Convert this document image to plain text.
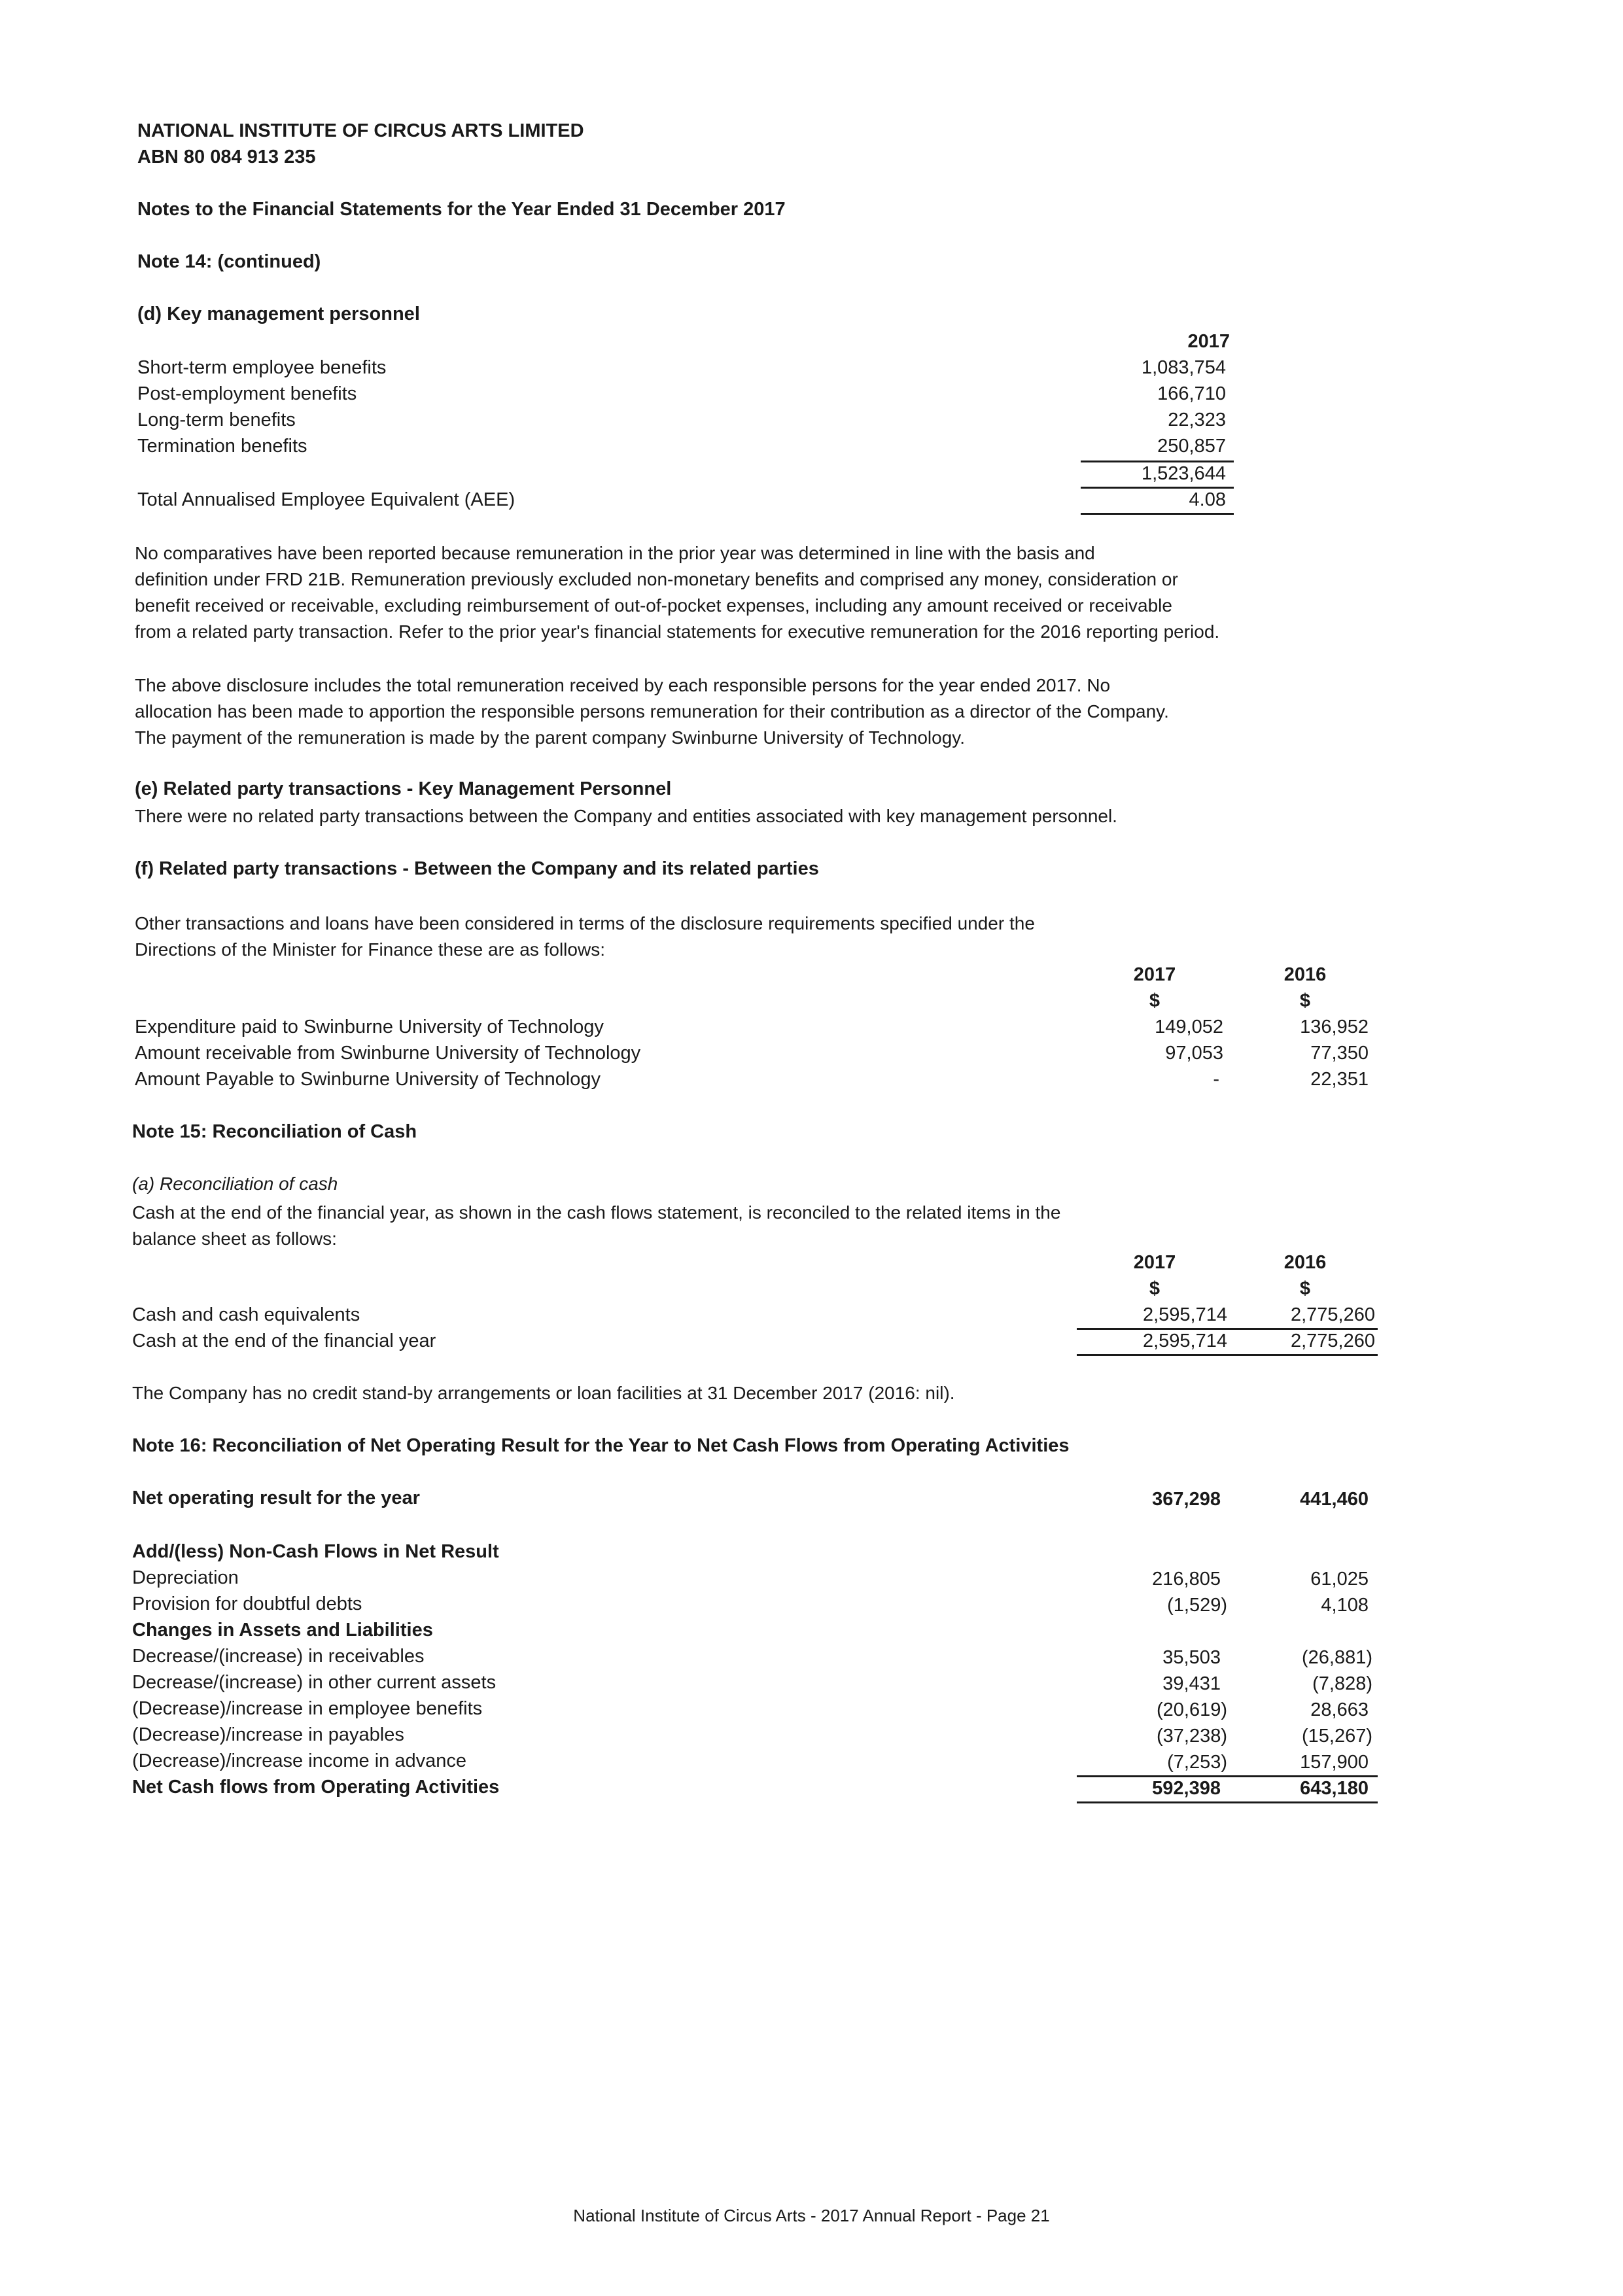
NATIONAL INSTITUTE OF CIRCUS ARTS LIMITED
ABN 80 084 913 235
Notes to the Financial Statements for the Year Ended 31 December 2017
Note 14: (continued)
(d) Key management personnel
2017
Short-term employee benefits	1,083,754
Post-employment benefits	166,710
Long-term benefits	22,323
Termination benefits	250,857
1,523,644
Total Annualised Employee Equivalent (AEE)	4.08
No comparatives have been reported because remuneration in the prior year was determined in line with the basis and
definition under FRD 21B. Remuneration previously excluded non-monetary benefits and comprised any money, consideration or
benefit received or receivable, excluding reimbursement of out-of-pocket expenses, including any amount received or receivable
from a related party transaction. Refer to the prior year's financial statements for executive remuneration for the 2016 reporting period.
The above disclosure includes the total remuneration received by each responsible persons for the year ended 2017. No
allocation has been made to apportion the responsible persons remuneration for their contribution as a director of the Company.
The payment of the remuneration is made by the parent company Swinburne University of Technology.
(e) Related party transactions - Key Management Personnel
There were no related party transactions between the Company and entities associated with key management personnel.
(f) Related party transactions - Between the Company and its related parties
Other transactions and loans have been considered in terms of the disclosure requirements specified under the
Directions of the Minister for Finance these are as follows:
2017	2016
$	$
Expenditure paid to Swinburne University of Technology	149,052	136,952
Amount receivable from Swinburne University of Technology	97,053	77,350
Amount Payable to Swinburne University of Technology	-	22,351
Note 15: Reconciliation of Cash
(a) Reconciliation of cash
Cash at the end of the financial year, as shown in the cash flows statement, is reconciled to the related items in the
balance sheet as follows:
2017	2016
$	$
Cash and cash equivalents	2,595,714	2,775,260
Cash at the end of the financial year	2,595,714	2,775,260
The Company has no credit stand-by arrangements or loan facilities at 31 December 2017 (2016: nil).
Note 16: Reconciliation of Net Operating Result for the Year to Net Cash Flows from Operating Activities
Net operating result for the year	367,298	441,460
Add/(less) Non-Cash Flows in Net Result
Depreciation	216,805	61,025
Provision for doubtful debts	(1,529)	4,108
Changes in Assets and Liabilities
Decrease/(increase) in receivables	35,503	(26,881)
Decrease/(increase) in other current assets	39,431	(7,828)
(Decrease)/increase in employee benefits	(20,619)	28,663
(Decrease)/increase in payables	(37,238)	(15,267)
(Decrease)/increase income in advance	(7,253)	157,900
Net Cash flows from Operating Activities	592,398	643,180
National Institute of Circus Arts - 2017 Annual Report - Page 21
